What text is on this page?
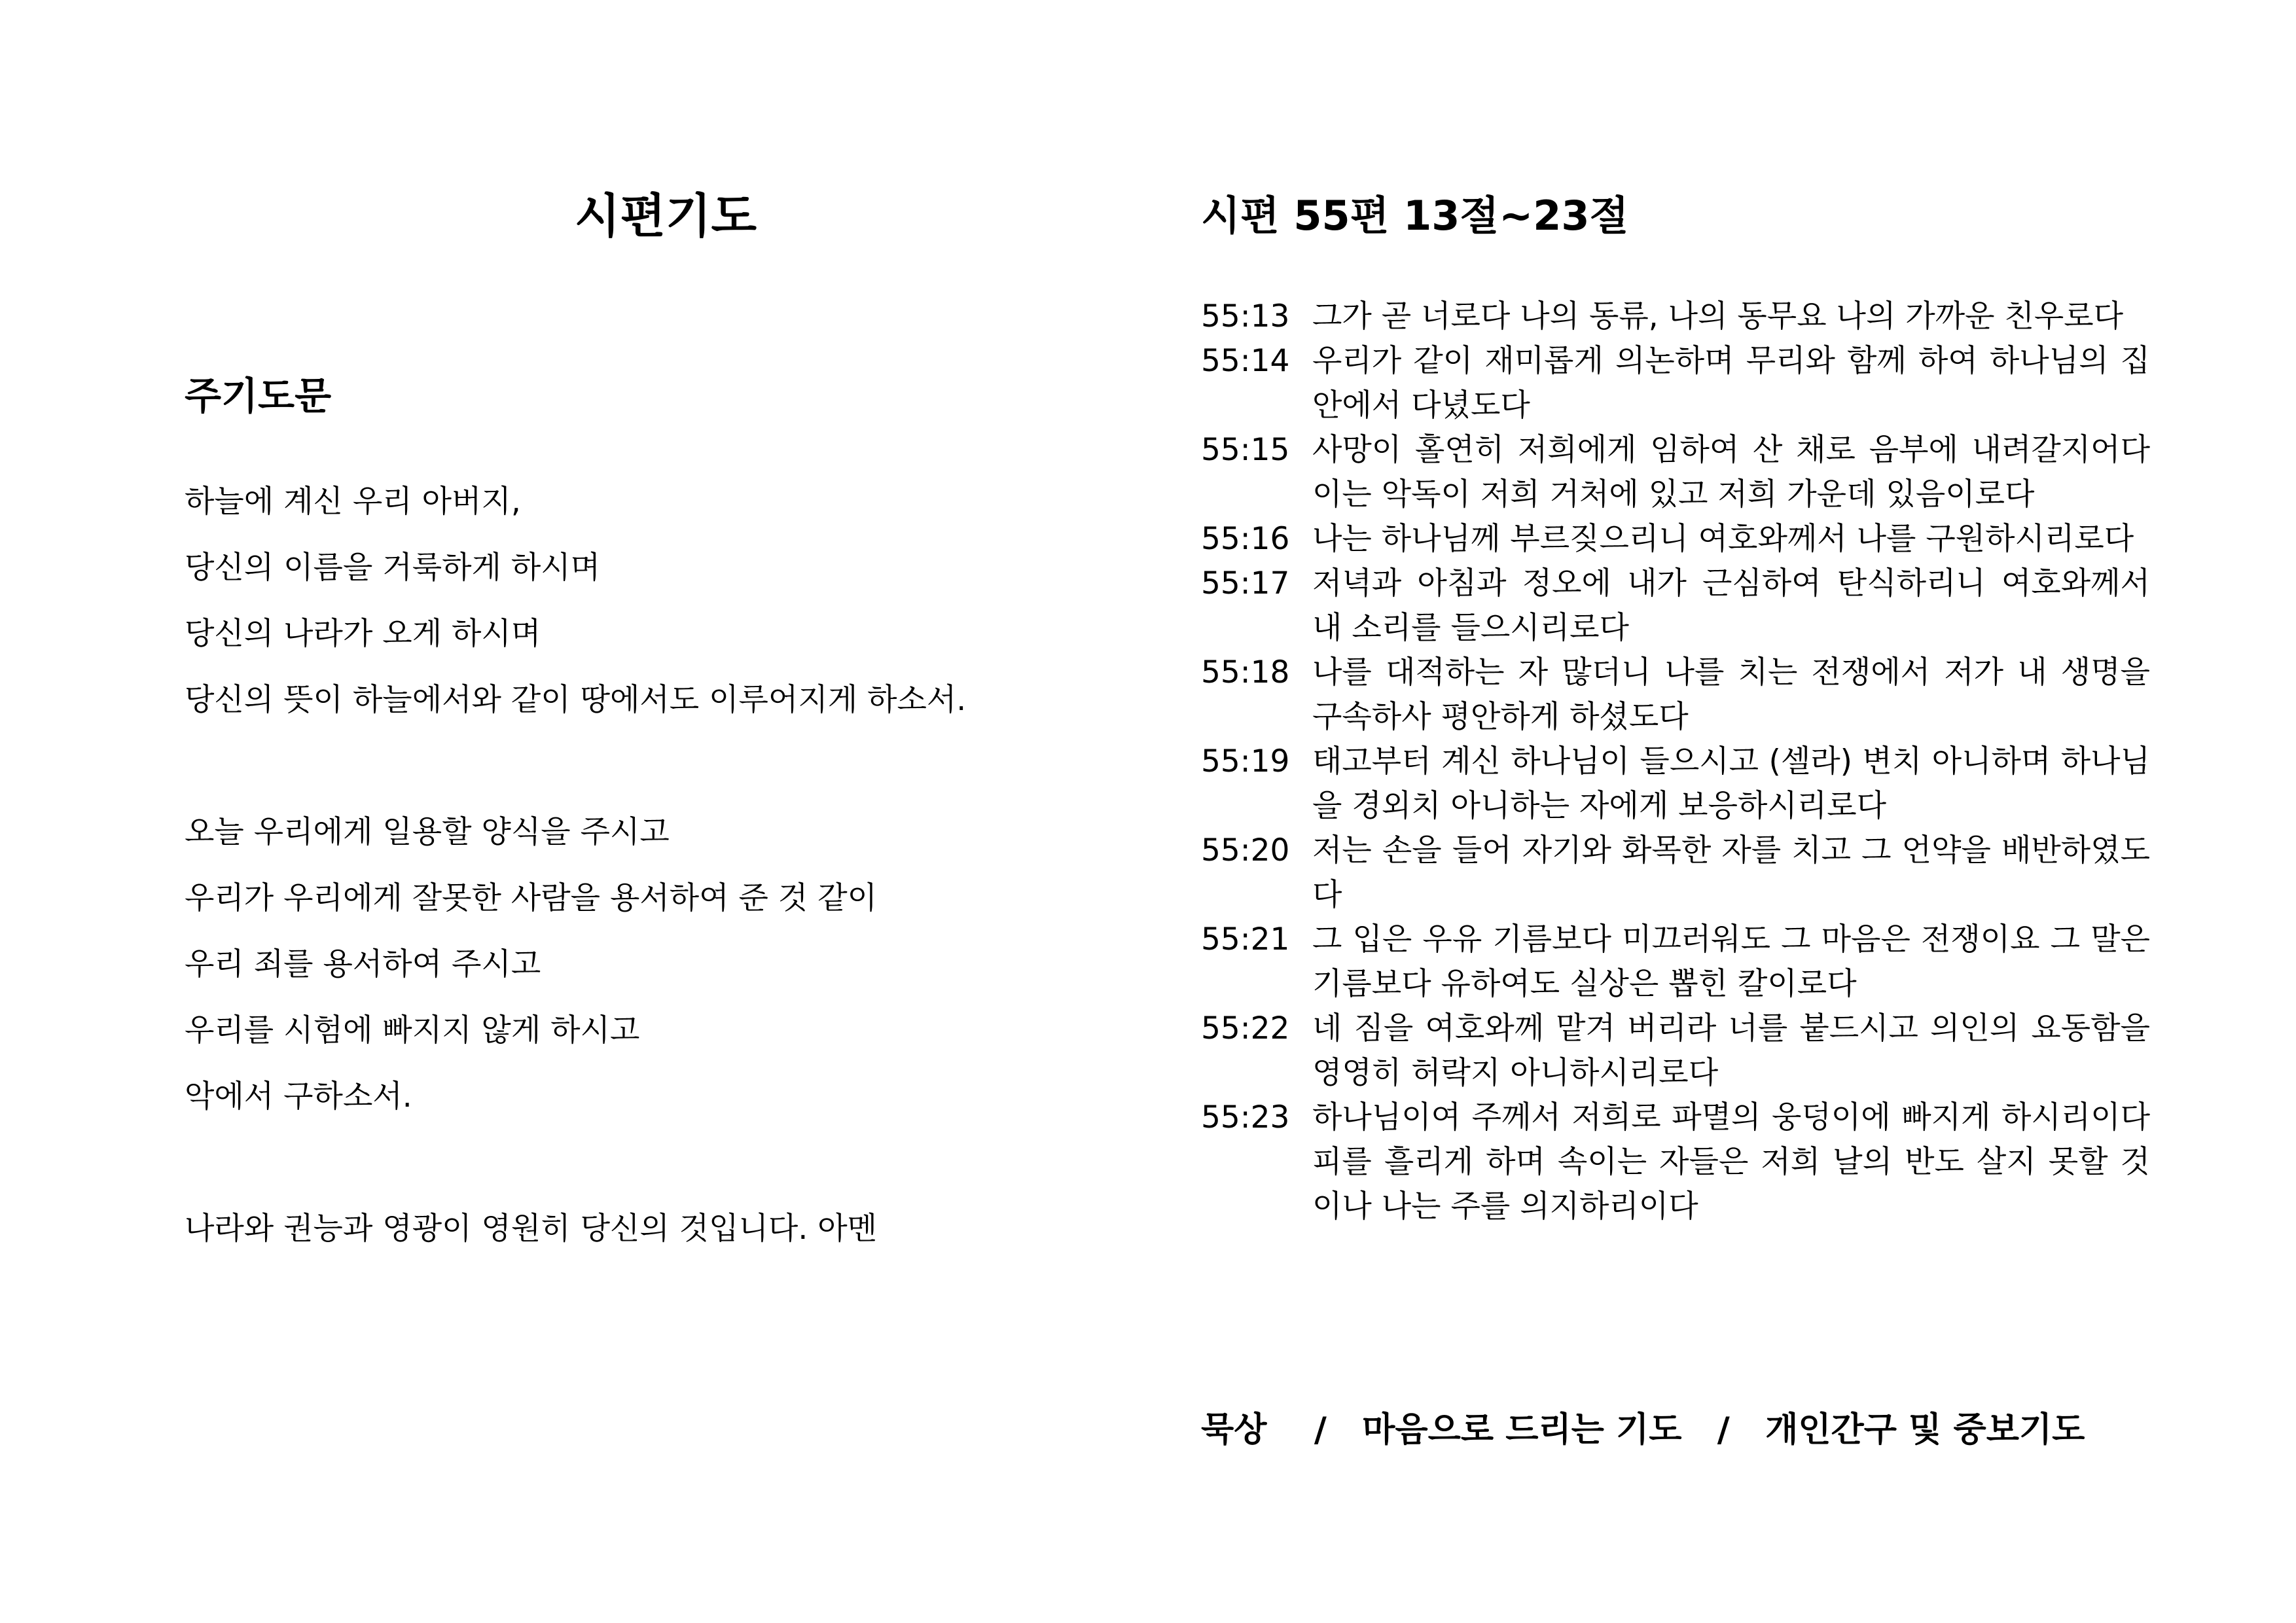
시편기도
주기도문
하늘에 계신 우리 아버지,
당신의 이름을 거룩하게 하시며
당신의 나라가 오게 하시며
당신의 뜻이 하늘에서와 같이 땅에서도 이루어지게 하소서.
오늘 우리에게 일용할 양식을 주시고
우리가 우리에게 잘못한 사람을 용서하여 준 것 같이
우리 죄를 용서하여 주시고
우리를 시험에 빠지지 않게 하시고
악에서 구하소서.
나라와 권능과 영광이 영원히 당신의 것입니다. 아멘
시편 55편 13절~23절
55:13 그가 곧 너로다 나의 동류, 나의 동무요 나의 가까운 친우로다
55:14 우리가 같이 재미롭게 의논하며 무리와 함께 하여 하나님의 집 안에서 다녔도다
55:15 사망이 홀연히 저희에게 임하여 산 채로 음부에 내려갈지어다 이는 악독이 저희 거처에 있고 저희 가운데 있음이로다
55:16 나는 하나님께 부르짖으리니 여호와께서 나를 구원하시리로다
55:17 저녁과 아침과 정오에 내가 근심하여 탄식하리니 여호와께서 내 소리를 들으시리로다
55:18 나를 대적하는 자 많더니 나를 치는 전쟁에서 저가 내 생명을 구속하사 평안하게 하셨도다
55:19 태고부터 계신 하나님이 들으시고 (셀라) 변치 아니하며 하나님을 경외치 아니하는 자에게 보응하시리로다
55:20 저는 손을 들어 자기와 화목한 자를 치고 그 언약을 배반하였도다
55:21 그 입은 우유 기름보다 미끄러워도 그 마음은 전쟁이요 그 말은 기름보다 유하여도 실상은 뽑힌 칼이로다
55:22 네 짐을 여호와께 맡겨 버리라 너를 붙드시고 의인의 요동함을 영영히 허락지 아니하시리로다
55:23 하나님이여 주께서 저희로 파멸의 웅덩이에 빠지게 하시리이다 피를 흘리게 하며 속이는 자들은 저희 날의 반도 살지 못할 것이나 나는 주를 의지하리이다

묵상    /   마음으로 드리는 기도   /   개인간구 및 중보기도
